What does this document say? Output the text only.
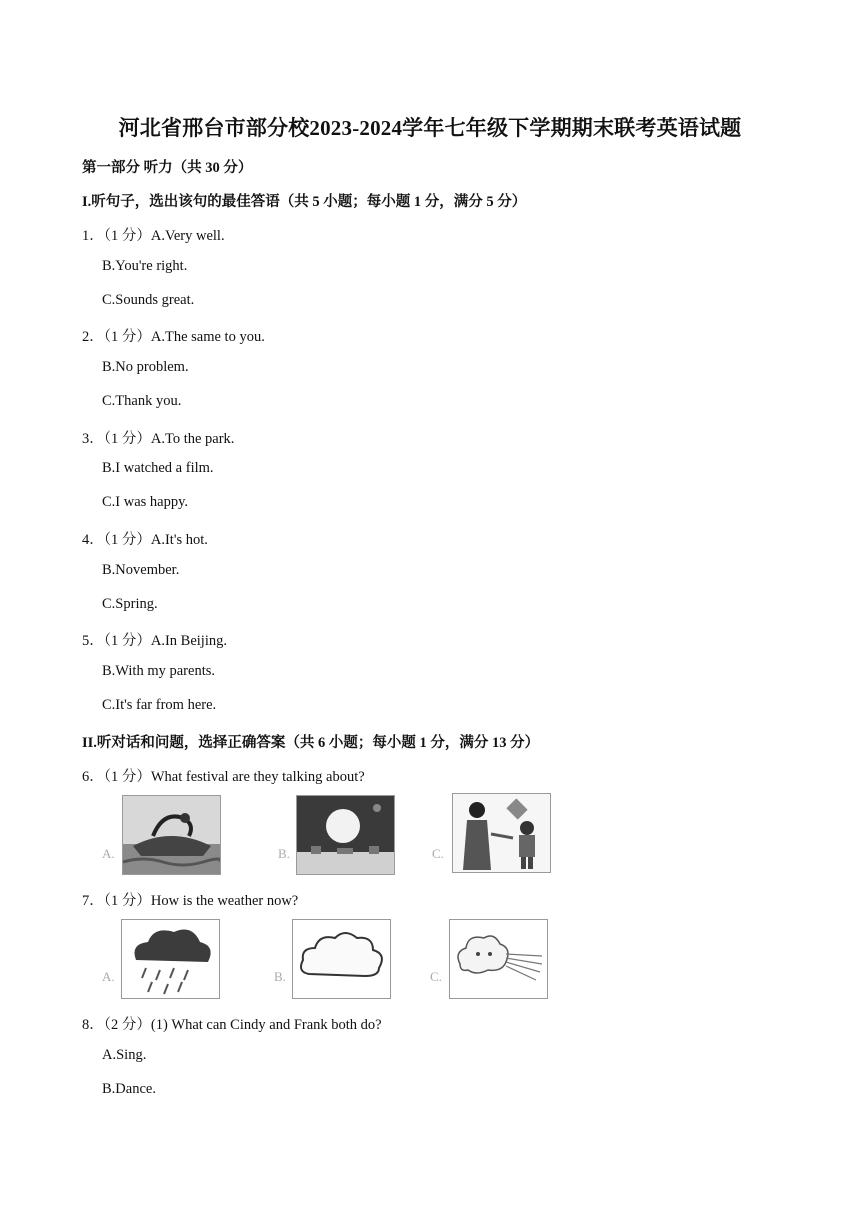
河北省邢台市部分校2023-2024学年七年级下学期期末联考英语试题
第一部分 听力（共 30 分）
I.听句子，选出该句的最佳答语（共 5 小题；每小题 1 分，满分 5 分）
1．（1 分）A.Very well.
B.You're right.
C.Sounds great.
2．（1 分）A.The same to you.
B.No problem.
C.Thank you.
3．（1 分）A.To the park.
B.I watched a film.
C.I was happy.
4．（1 分）A.It's hot.
B.November.
C.Spring.
5．（1 分）A.In Beijing.
B.With my parents.
C.It's far from here.
II.听对话和问题，选择正确答案（共 6 小题；每小题 1 分，满分 13 分）
6．（1 分）What festival are they talking about?
A.	B.	C.
7．（1 分）How is the weather now?
A.	B.	C.
8．（2 分）(1) What can Cindy and Frank both do?
A.Sing.
B.Dance.
